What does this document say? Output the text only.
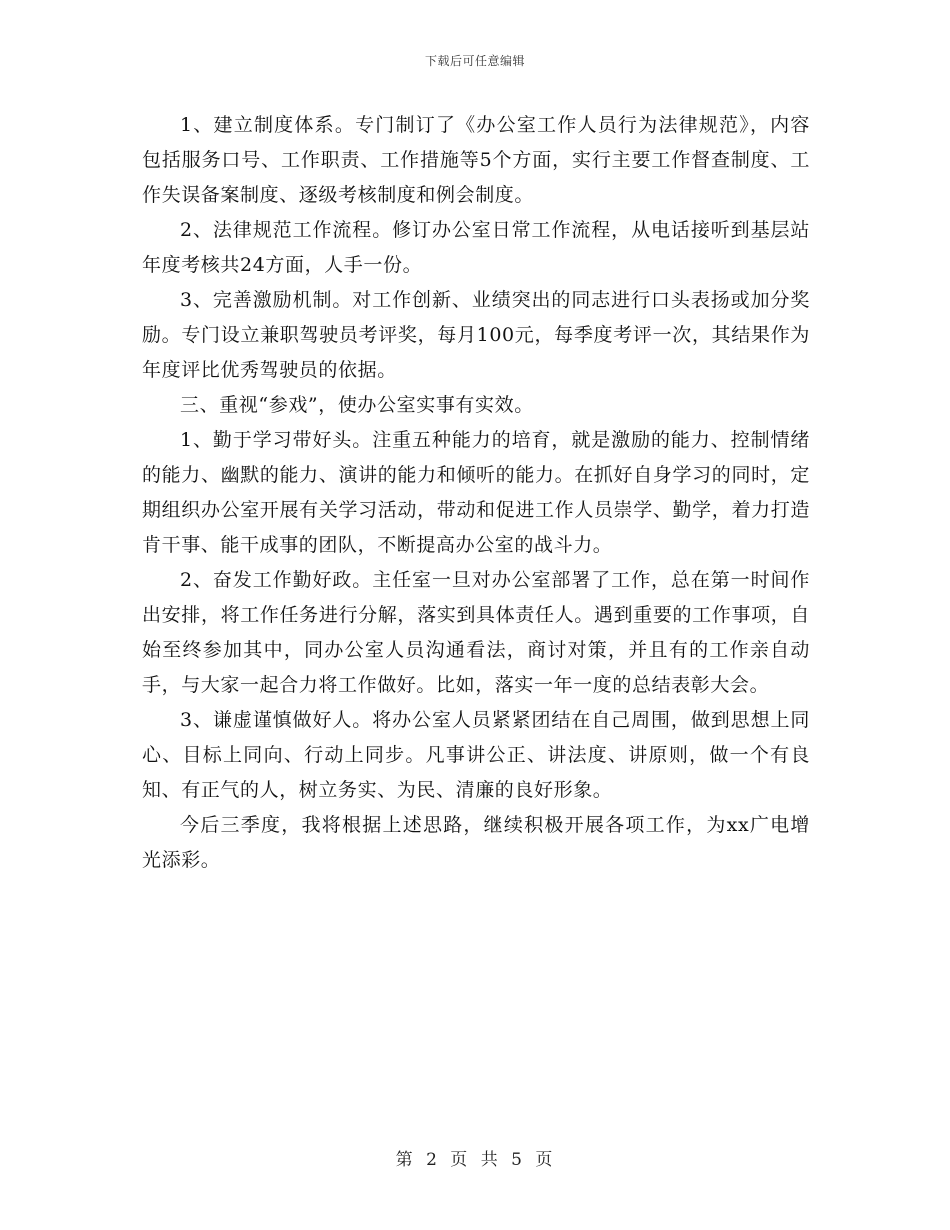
下载后可任意编辑

1、建立制度体系。专门制订了《办公室工作人员行为法律规范》，内容包括服务口号、工作职责、工作措施等5个方面，实行主要工作督查制度、工作失误备案制度、逐级考核制度和例会制度。

2、法律规范工作流程。修订办公室日常工作流程，从电话接听到基层站年度考核共24方面，人手一份。

3、完善激励机制。对工作创新、业绩突出的同志进行口头表扬或加分奖励。专门设立兼职驾驶员考评奖，每月100元，每季度考评一次，其结果作为年度评比优秀驾驶员的依据。

三、重视“参戏”，使办公室实事有实效。

1、勤于学习带好头。注重五种能力的培育，就是激励的能力、控制情绪的能力、幽默的能力、演讲的能力和倾听的能力。在抓好自身学习的同时，定期组织办公室开展有关学习活动，带动和促进工作人员崇学、勤学，着力打造肯干事、能干成事的团队，不断提高办公室的战斗力。

2、奋发工作勤好政。主任室一旦对办公室部署了工作，总在第一时间作出安排，将工作任务进行分解，落实到具体责任人。遇到重要的工作事项，自始至终参加其中，同办公室人员沟通看法，商讨对策，并且有的工作亲自动手，与大家一起合力将工作做好。比如，落实一年一度的总结表彰大会。

3、谦虚谨慎做好人。将办公室人员紧紧团结在自己周围，做到思想上同心、目标上同向、行动上同步。凡事讲公正、讲法度、讲原则，做一个有良知、有正气的人，树立务实、为民、清廉的良好形象。

今后三季度，我将根据上述思路，继续积极开展各项工作，为xx广电增光添彩。

第 2 页 共 5 页
